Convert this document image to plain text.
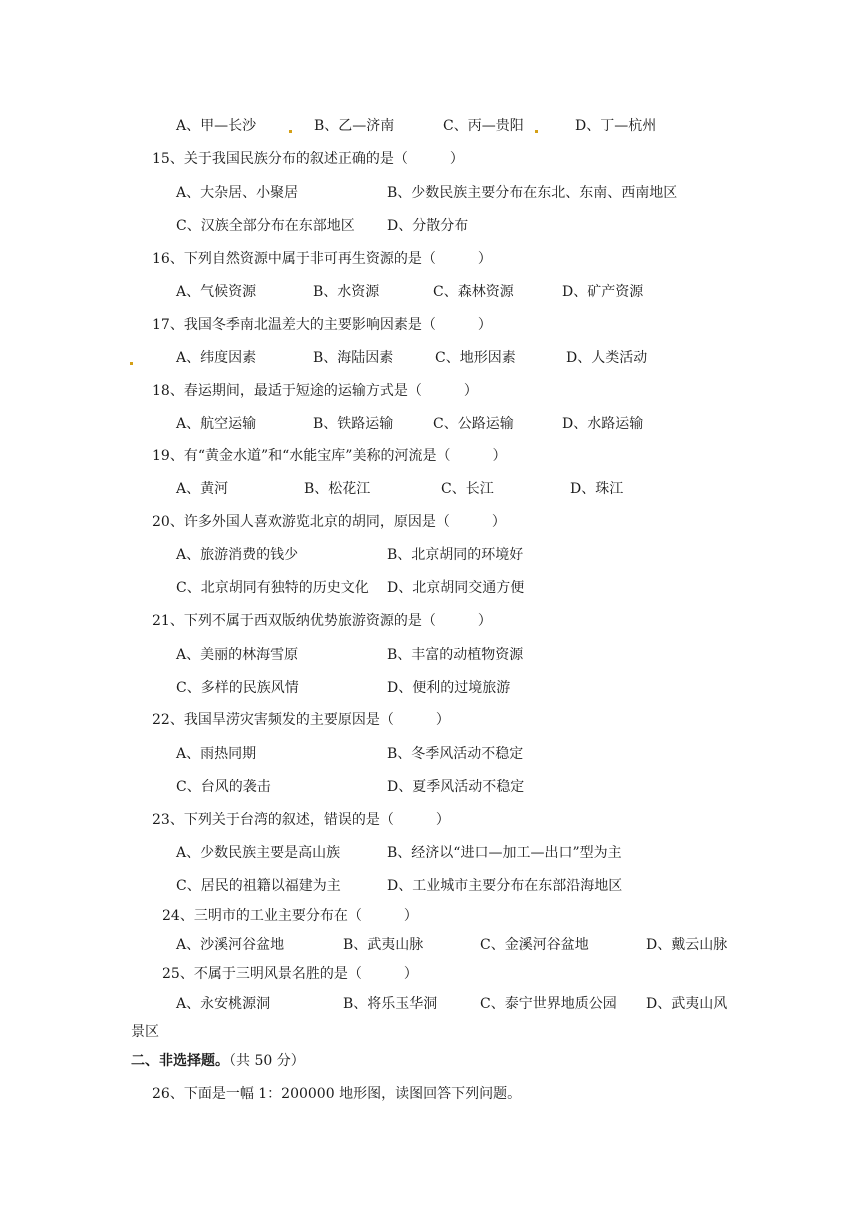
A、甲—长沙	B、乙—济南	C、丙—贵阳	D、丁—杭州
15、关于我国民族分布的叙述正确的是（　　　）
A、大杂居、小聚居	B、少数民族主要分布在东北、东南、西南地区
C、汉族全部分布在东部地区 D、分散分布
16、下列自然资源中属于非可再生资源的是（　　　）
A、气候资源	B、水资源	C、森林资源	D、矿产资源
17、我国冬季南北温差大的主要影响因素是（　　　）
A、纬度因素	B、海陆因素	C、地形因素	D、人类活动
18、春运期间，最适于短途的运输方式是（　　　）
A、航空运输	B、铁路运输	C、公路运输	D、水路运输
19、有“黄金水道”和“水能宝库”美称的河流是（　　　）
A、黄河	B、松花江	C、长江	D、珠江
20、许多外国人喜欢游览北京的胡同，原因是（　　　）
A、旅游消费的钱少	B、北京胡同的环境好
C、北京胡同有独特的历史文化 D、北京胡同交通方便
21、下列不属于西双版纳优势旅游资源的是（　　　）
A、美丽的林海雪原	B、丰富的动植物资源
C、多样的民族风情	D、便利的过境旅游
22、我国旱涝灾害频发的主要原因是（　　　）
A、雨热同期	B、冬季风活动不稳定
C、台风的袭击	D、夏季风活动不稳定
23、下列关于台湾的叙述，错误的是（　　　）
A、少数民族主要是高山族	B、经济以“进口—加工—出口”型为主
C、居民的祖籍以福建为主	D、工业城市主要分布在东部沿海地区
24、三明市的工业主要分布在（　　　）
A、沙溪河谷盆地	B、武夷山脉	C、金溪河谷盆地	D、戴云山脉
25、不属于三明风景名胜的是（　　　）
A、永安桃源洞	B、将乐玉华洞	C、泰宁世界地质公园 D、武夷山风
景区
二、非选择题。（共 50 分）
26、下面是一幅 1：200000 地形图，读图回答下列问题。
